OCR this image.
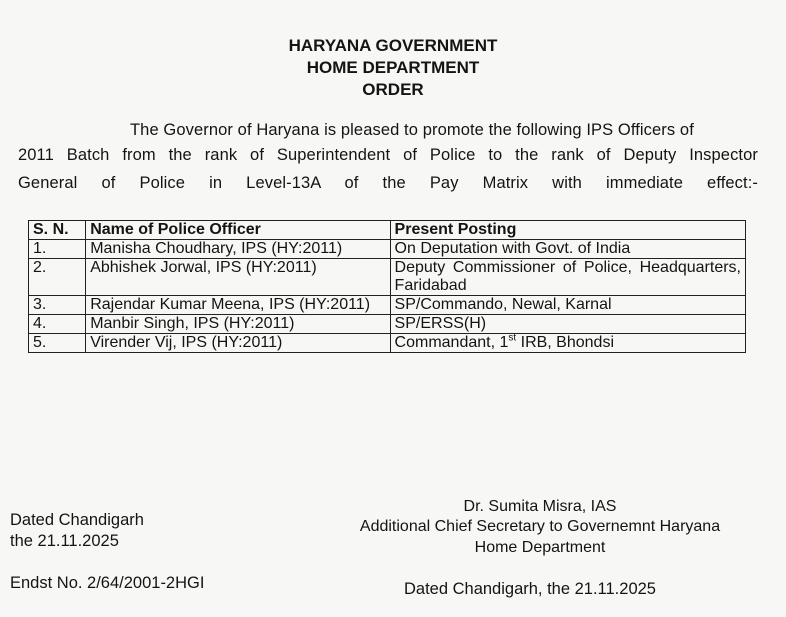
HARYANA GOVERNMENT
HOME DEPARTMENT
ORDER
The Governor of Haryana is pleased to promote the following IPS Officers of
2011 Batch from the rank of Superintendent of Police to the rank of Deputy Inspector
General of Police in Level-13A of the Pay Matrix with immediate effect:-
S. N.	Name of Police Officer	Present Posting
1.	Manisha Choudhary, IPS (HY:2011)	On Deputation with Govt. of India
2.	Abhishek Jorwal, IPS (HY:2011)	Deputy Commissioner of Police, Headquarters, Faridabad
3.	Rajendar Kumar Meena, IPS (HY:2011)	SP/Commando, Newal, Karnal
4.	Manbir Singh, IPS (HY:2011)	SP/ERSS(H)
5.	Virender Vij, IPS (HY:2011)	Commandant, 1st IRB, Bhondsi
Dr. Sumita Misra, IAS
Additional Chief Secretary to Governemnt Haryana
Home Department
Dated Chandigarh
the 21.11.2025
Endst No. 2/64/2001-2HGI	Dated Chandigarh, the 21.11.2025
